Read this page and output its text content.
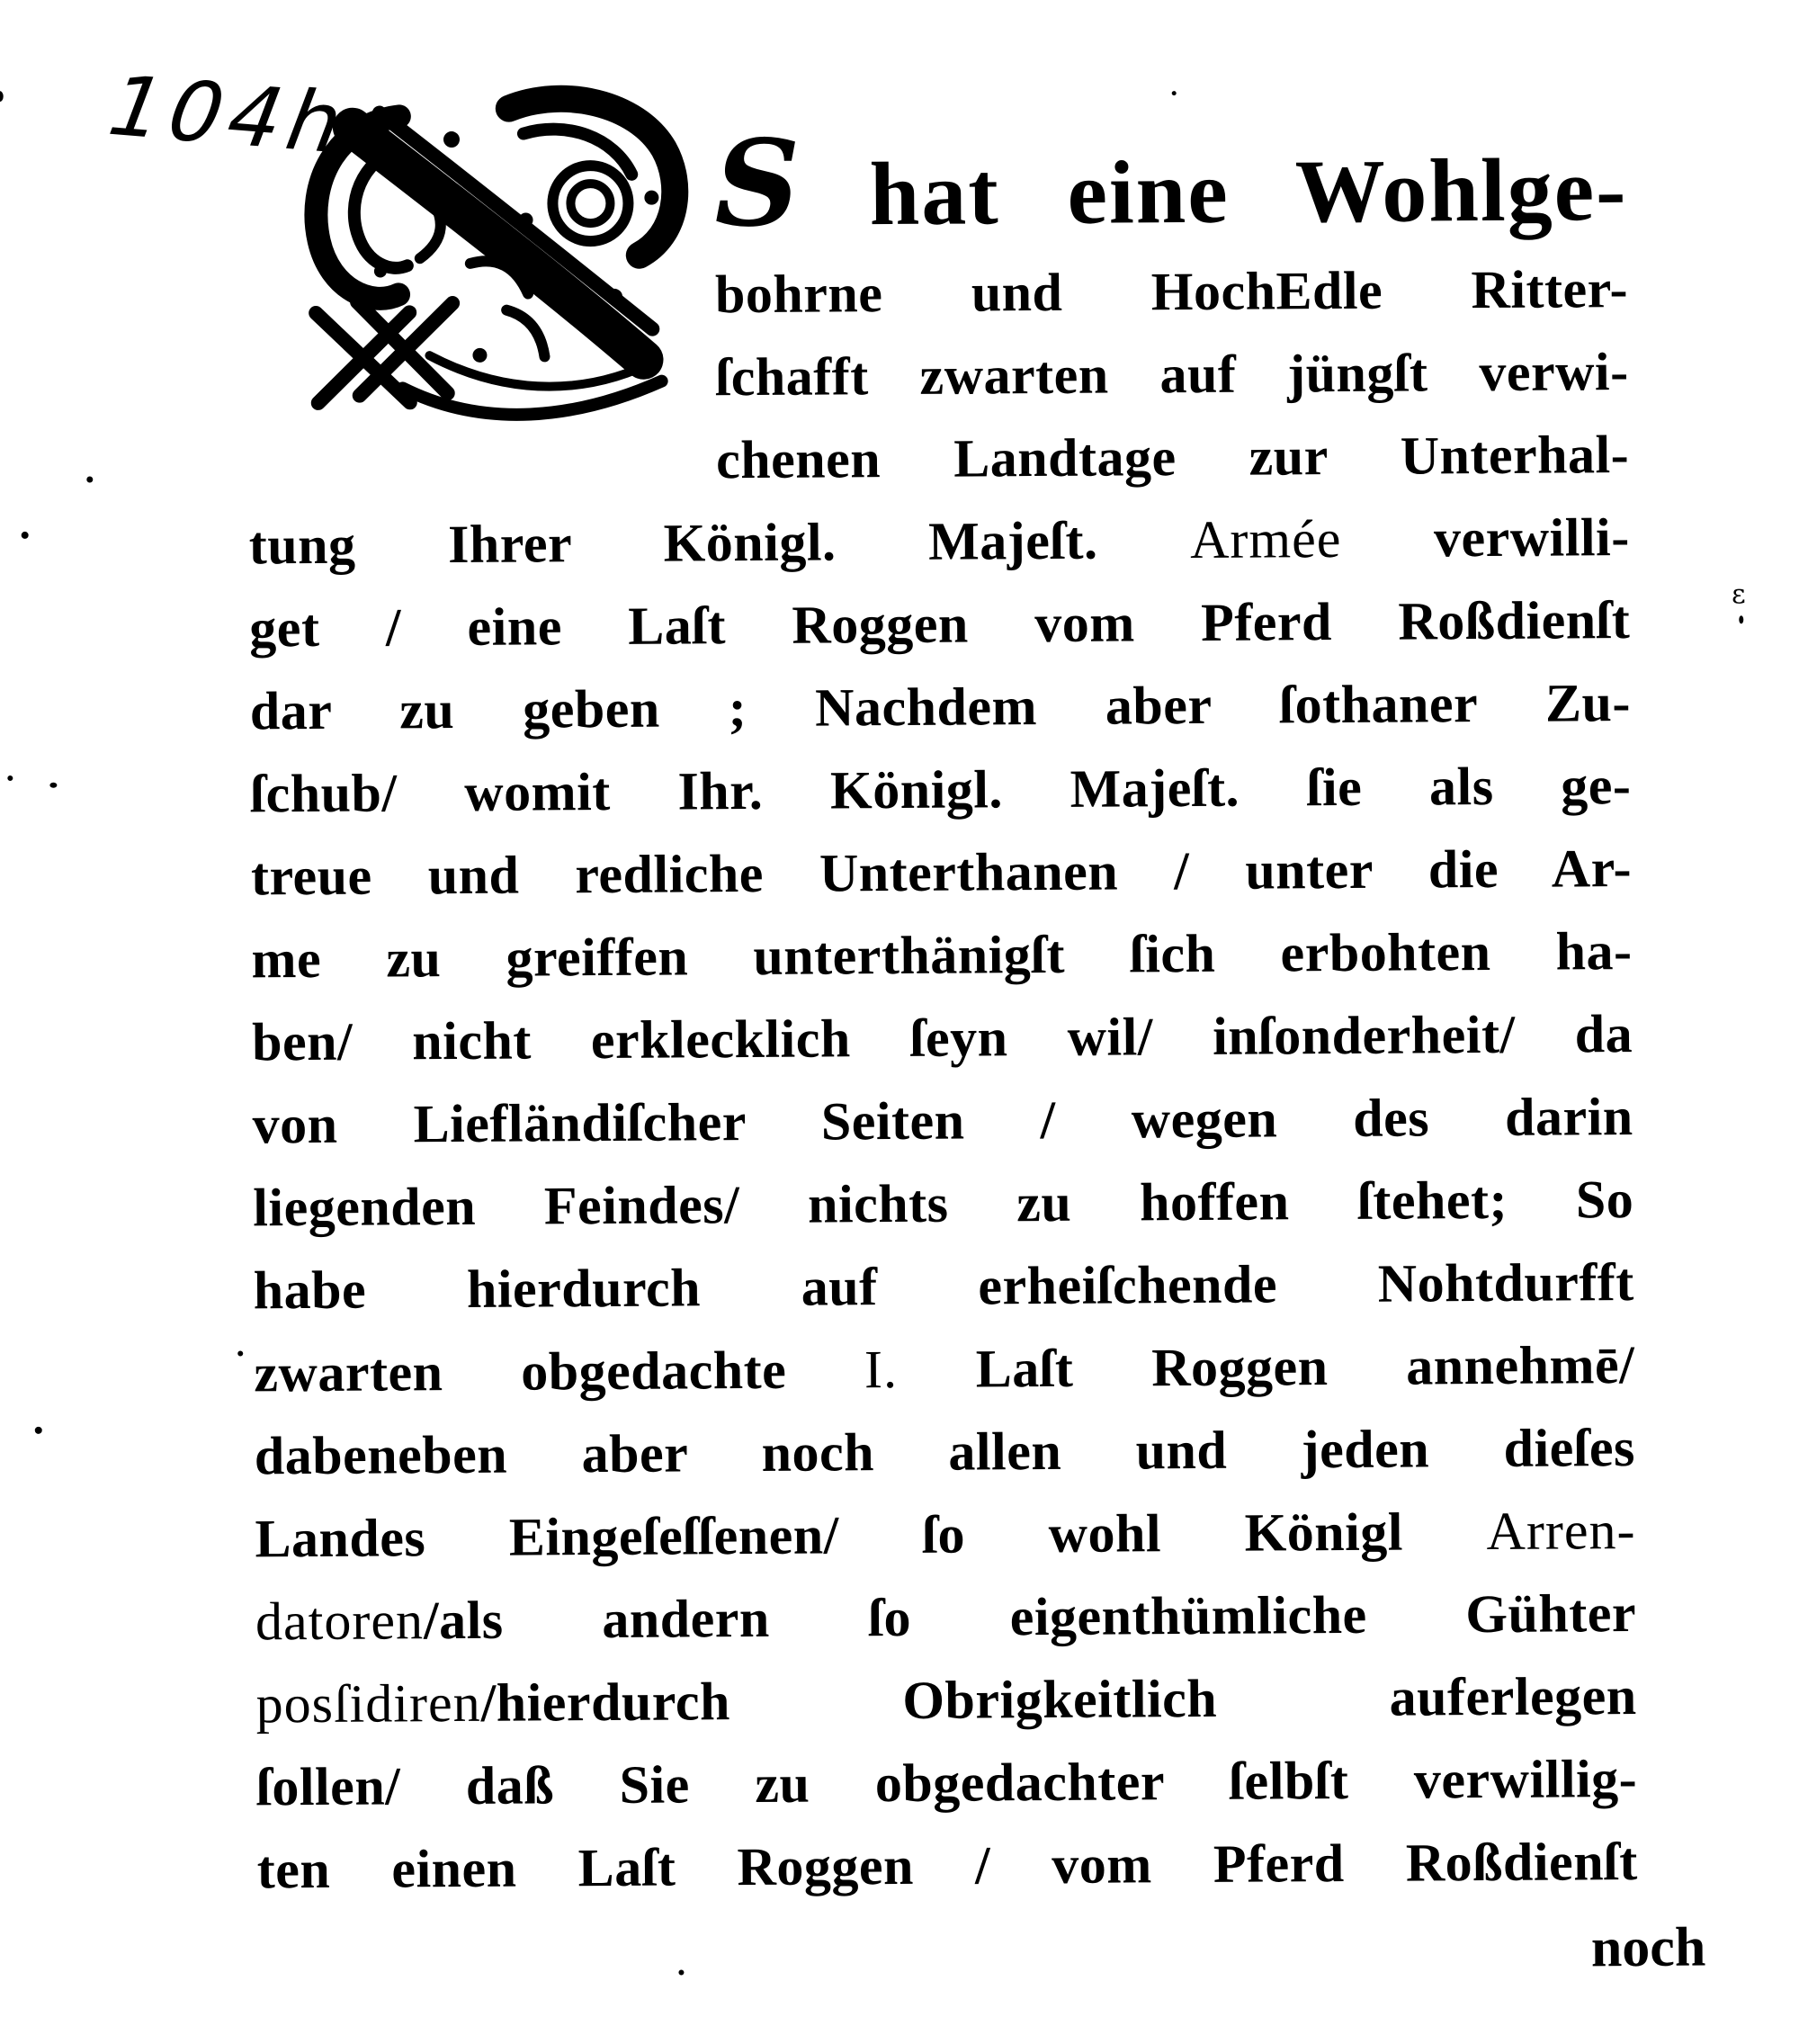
104h	S hat eine Wohlge-
bohrne und HochEdle Ritter-
ſchafft zwarten auf jüngſt verwi-
chenen Landtage zur Unterhal-
tung Ihrer Königl. Majeſt. Armée verwilli-
get / eine Laſt Roggen vom Pferd Roßdienſt
dar zu geben ; Nachdem aber ſothaner Zu-
ſchub/ womit Ihr. Königl. Majeſt. ſie als ge-
treue und redliche Unterthanen / unter die Ar-
me zu greiffen unterthänigſt ſich erbohten ha-
ben/ nicht erklecklich ſeyn wil/ inſonderheit/ da
von Liefländiſcher Seiten / wegen des darin
liegenden Feindes/ nichts zu hoffen ſtehet; So
habe hierdurch auf erheiſchende Nohtdurfft
zwarten obgedachte I. Laſt Roggen annehmē/
dabeneben aber noch allen und jeden dieſes
Landes Eingeſeſſenen/ ſo wohl Königl Arren-
datoren/als andern ſo eigenthümliche Gühter
posſidiren/hierdurch Obrigkeitlich auferlegen
ſollen/ daß Sie zu obgedachter ſelbſt verwillig-
ten einen Laſt Roggen / vom Pferd Roßdienſt
noch
ε
